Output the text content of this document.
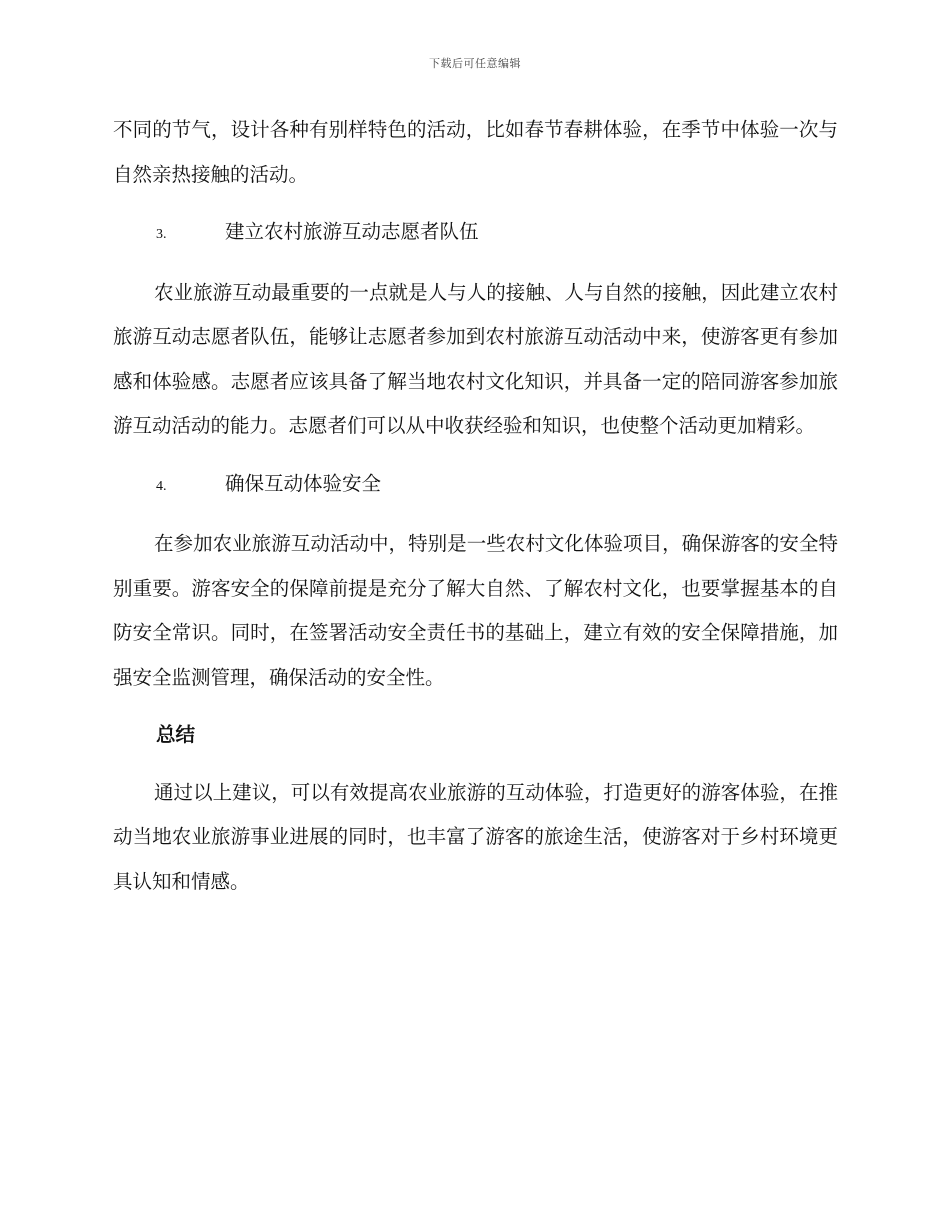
下载后可任意编辑

不同的节气，设计各种有别样特色的活动，比如春节春耕体验，在季节中体验一次与自然亲热接触的活动。

3.	建立农村旅游互动志愿者队伍

农业旅游互动最重要的一点就是人与人的接触、人与自然的接触，因此建立农村旅游互动志愿者队伍，能够让志愿者参加到农村旅游互动活动中来，使游客更有参加感和体验感。志愿者应该具备了解当地农村文化知识，并具备一定的陪同游客参加旅游互动活动的能力。志愿者们可以从中收获经验和知识，也使整个活动更加精彩。

4.	确保互动体验安全

在参加农业旅游互动活动中，特别是一些农村文化体验项目，确保游客的安全特别重要。游客安全的保障前提是充分了解大自然、了解农村文化，也要掌握基本的自防安全常识。同时，在签署活动安全责任书的基础上，建立有效的安全保障措施，加强安全监测管理，确保活动的安全性。

总结

通过以上建议，可以有效提高农业旅游的互动体验，打造更好的游客体验，在推动当地农业旅游事业进展的同时，也丰富了游客的旅途生活，使游客对于乡村环境更具认知和情感。
